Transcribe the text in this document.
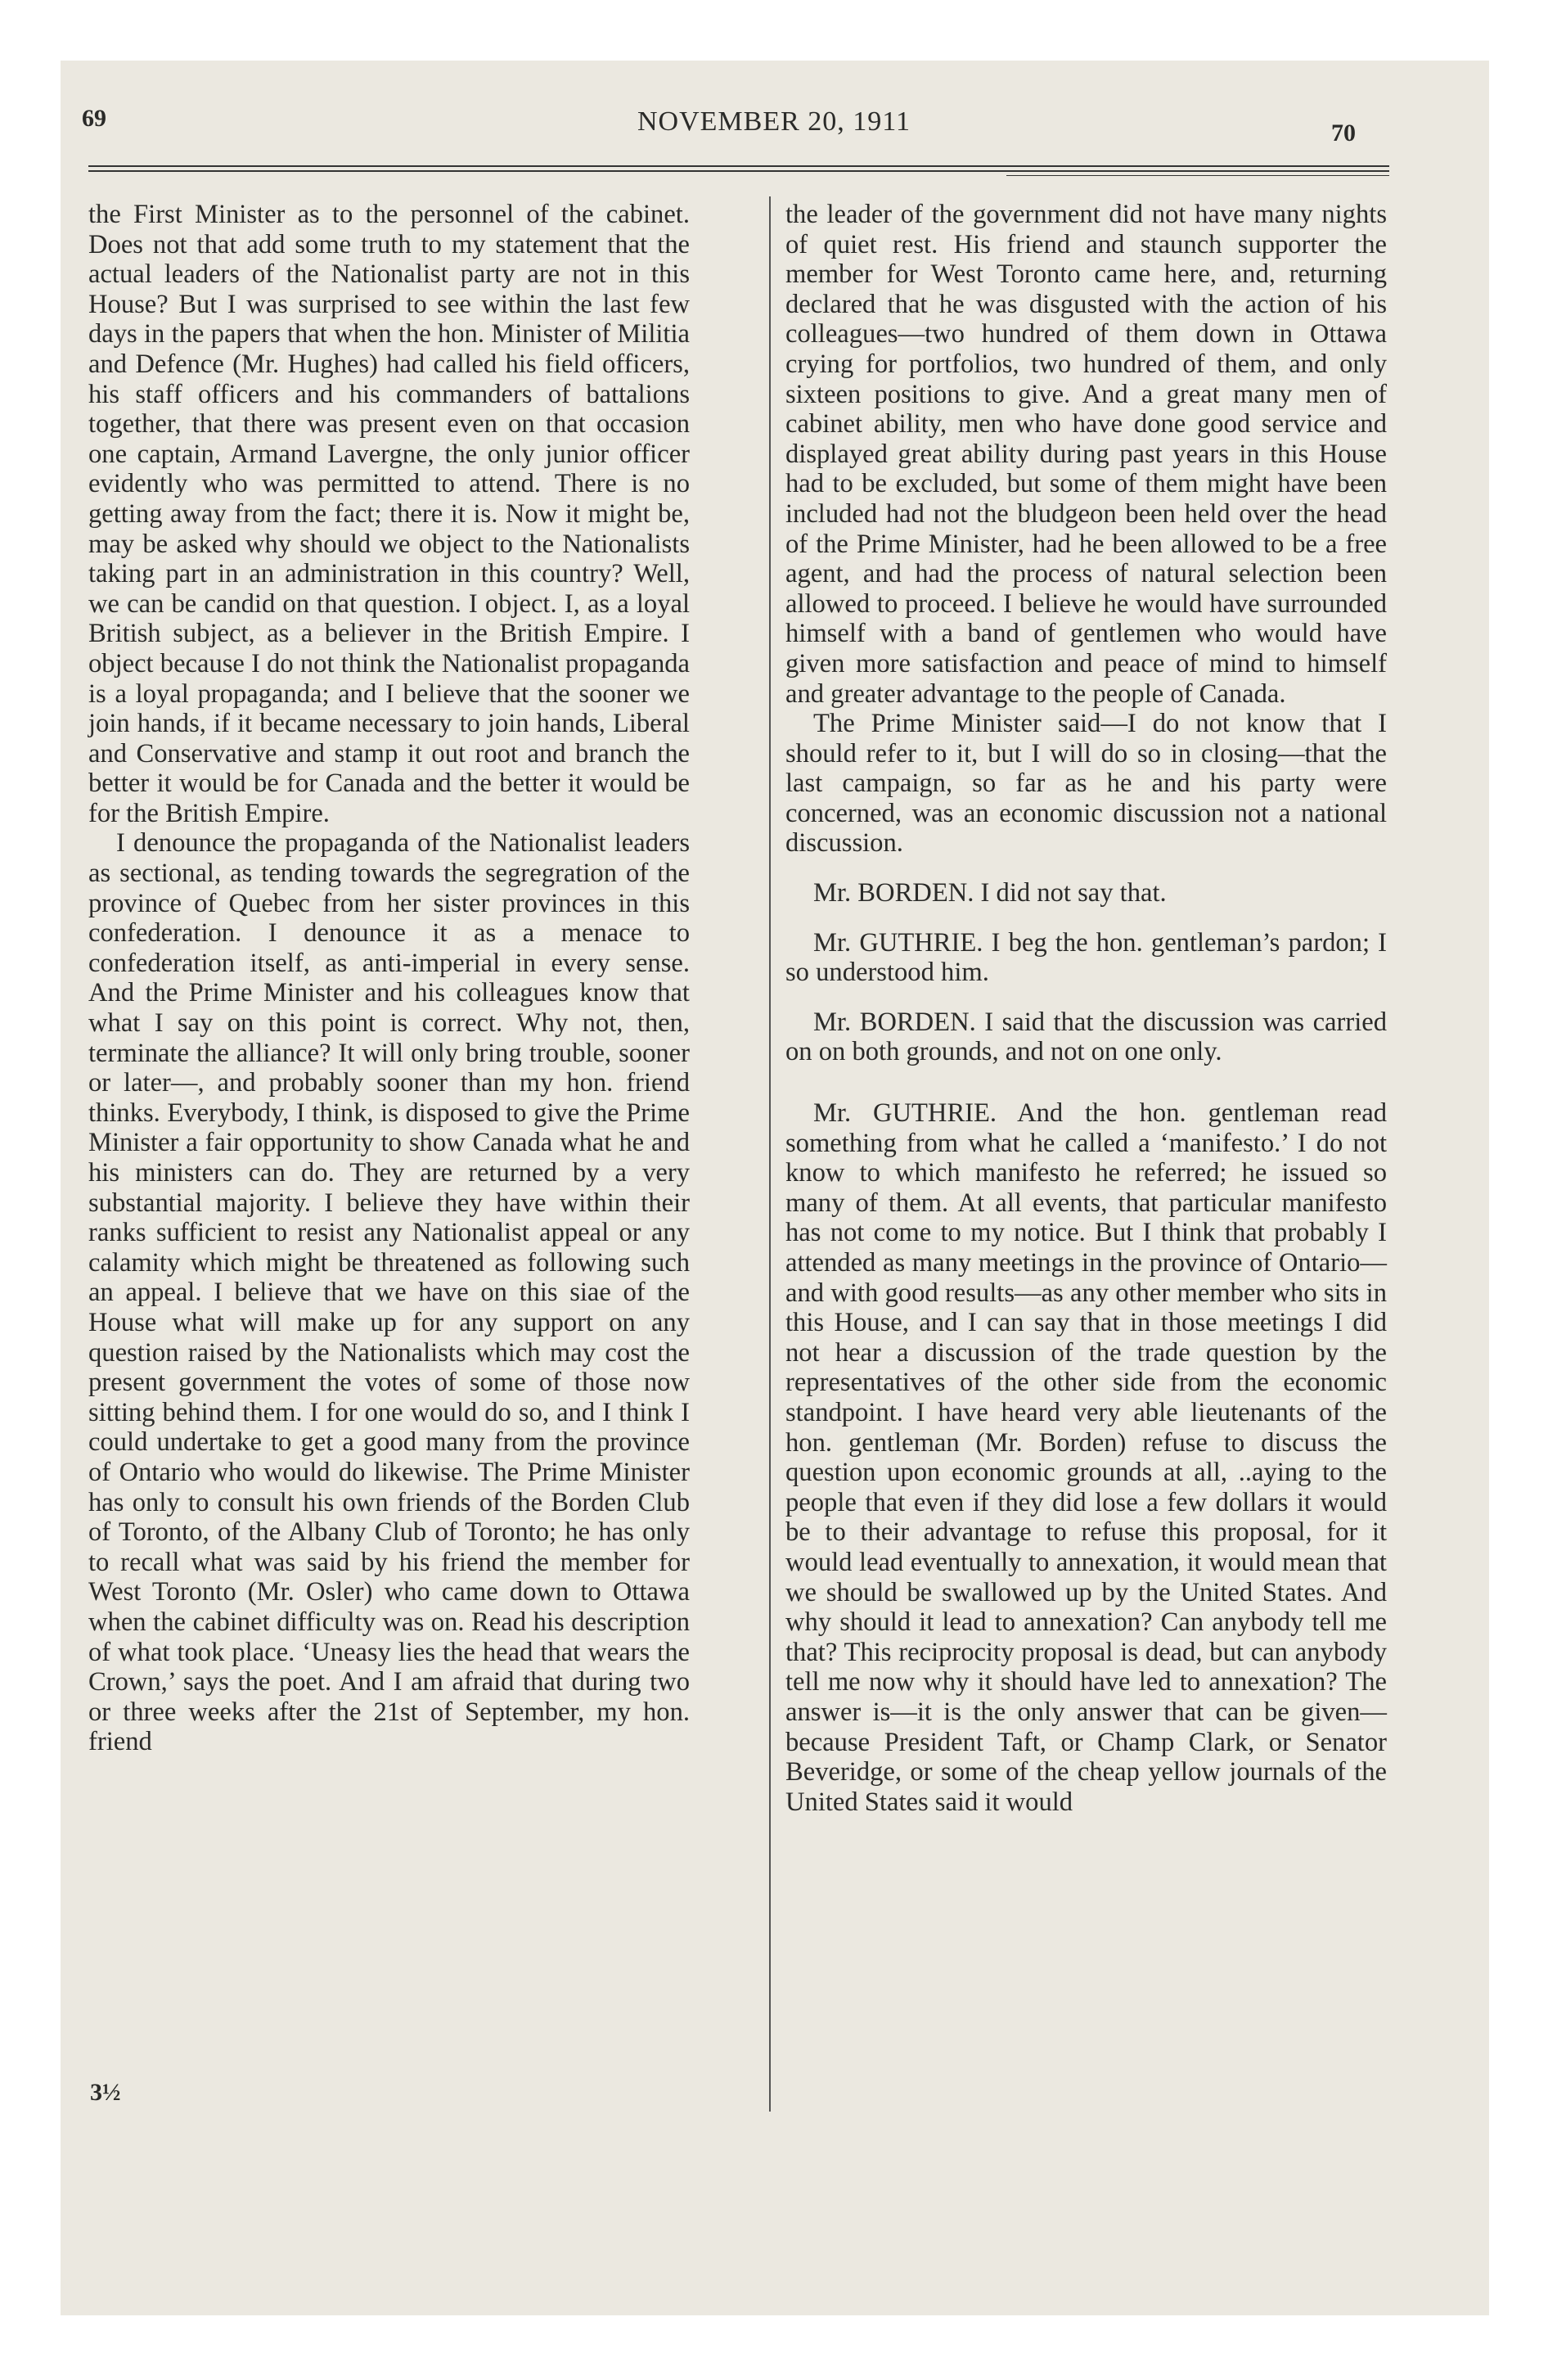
69	NOVEMBER 20, 1911	70

the First Minister as to the personnel of the cabinet. Does not that add some truth to my statement that the actual leaders of the Nationalist party are not in this House? But I was surprised to see within the last few days in the papers that when the hon. Minister of Militia and Defence (Mr. Hughes) had called his field officers, his staff officers and his commanders of battalions together, that there was present even on that occasion one captain, Armand Lavergne, the only junior officer evidently who was permitted to attend. There is no getting away from the fact; there it is. Now it might be, may be asked why should we object to the Nationalists taking part in an administration in this country? Well, we can be candid on that question. I object. I, as a loyal British subject, as a believer in the British Empire. I object because I do not think the Nationalist propaganda is a loyal propaganda; and I believe that the sooner we join hands, if it became necessary to join hands, Liberal and Conservative and stamp it out root and branch the better it would be for Canada and the better it would be for the British Empire.

I denounce the propaganda of the Nationalist leaders as sectional, as tending towards the segregration of the province of Quebec from her sister provinces in this confederation. I denounce it as a menace to confederation itself, as anti-imperial in every sense. And the Prime Minister and his colleagues know that what I say on this point is correct. Why not, then, terminate the alliance? It will only bring trouble, sooner or later—, and probably sooner than my hon. friend thinks. Everybody, I think, is disposed to give the Prime Minister a fair opportunity to show Canada what he and his ministers can do. They are returned by a very substantial majority. I believe they have within their ranks sufficient to resist any Nationalist appeal or any calamity which might be threatened as following such an appeal. I believe that we have on this siae of the House what will make up for any support on any question raised by the Nationalists which may cost the present government the votes of some of those now sitting behind them. I for one would do so, and I think I could undertake to get a good many from the province of Ontario who would do likewise. The Prime Minister has only to consult his own friends of the Borden Club of Toronto, of the Albany Club of Toronto; he has only to recall what was said by his friend the member for West Toronto (Mr. Osler) who came down to Ottawa when the cabinet difficulty was on. Read his description of what took place. ‘Uneasy lies the head that wears the Crown,’ says the poet. And I am afraid that during two or three weeks after the 21st of September, my hon. friend

the leader of the government did not have many nights of quiet rest. His friend and staunch supporter the member for West Toronto came here, and, returning declared that he was disgusted with the action of his colleagues—two hundred of them down in Ottawa crying for portfolios, two hundred of them, and only sixteen positions to give. And a great many men of cabinet ability, men who have done good service and displayed great ability during past years in this House had to be excluded, but some of them might have been included had not the bludgeon been held over the head of the Prime Minister, had he been allowed to be a free agent, and had the process of natural selection been allowed to proceed. I believe he would have surrounded himself with a band of gentlemen who would have given more satisfaction and peace of mind to himself and greater advantage to the people of Canada.

The Prime Minister said—I do not know that I should refer to it, but I will do so in closing—that the last campaign, so far as he and his party were concerned, was an economic discussion not a national discussion.

Mr. BORDEN. I did not say that.

Mr. GUTHRIE. I beg the hon. gentleman’s pardon; I so understood him.

Mr. BORDEN. I said that the discussion was carried on on both grounds, and not on one only.

Mr. GUTHRIE. And the hon. gentleman read something from what he called a ‘manifesto.’ I do not know to which manifesto he referred; he issued so many of them. At all events, that particular manifesto has not come to my notice. But I think that probably I attended as many meetings in the province of Ontario—and with good results—as any other member who sits in this House, and I can say that in those meetings I did not hear a discussion of the trade question by the representatives of the other side from the economic standpoint. I have heard very able lieutenants of the hon. gentleman (Mr. Borden) refuse to discuss the question upon economic grounds at all, ..aying to the people that even if they did lose a few dollars it would be to their advantage to refuse this proposal, for it would lead eventually to annexation, it would mean that we should be swallowed up by the United States. And why should it lead to annexation? Can anybody tell me that? This reciprocity proposal is dead, but can anybody tell me now why it should have led to annexation? The answer is—it is the only answer that can be given—because President Taft, or Champ Clark, or Senator Beveridge, or some of the cheap yellow journals of the United States said it would

3½
